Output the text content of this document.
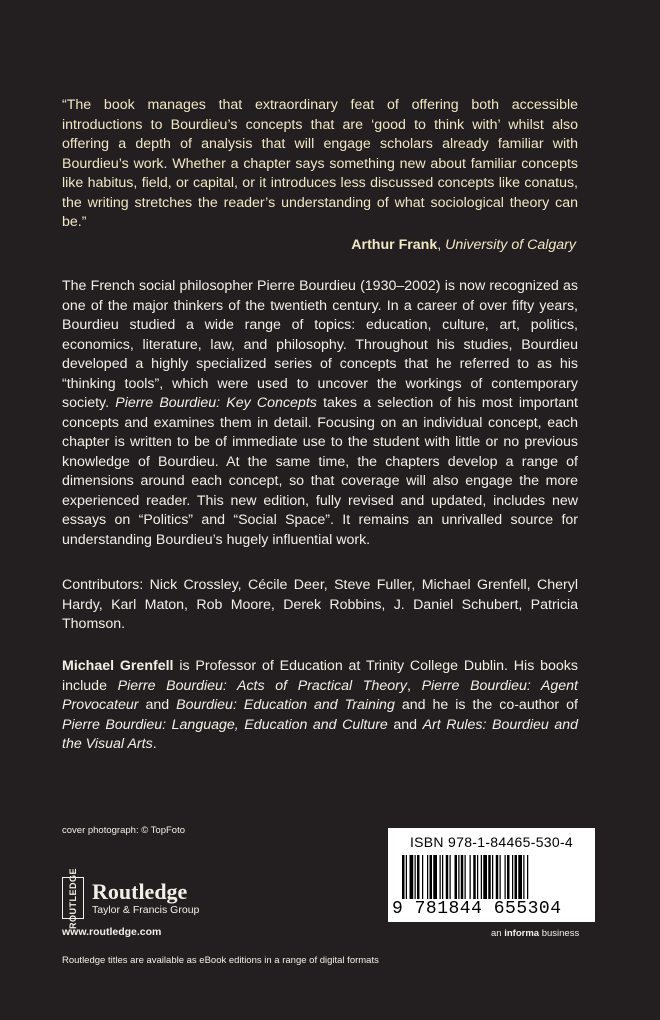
“The book manages that extraordinary feat of offering both accessible introductions to Bourdieu’s concepts that are ‘good to think with’ whilst also offering a depth of analysis that will engage scholars already familiar with Bourdieu’s work. Whether a chapter says something new about familiar concepts like habitus, field, or capital, or it introduces less discussed concepts like conatus, the writing stretches the reader’s understanding of what sociological theory can be.”
Arthur Frank, University of Calgary
The French social philosopher Pierre Bourdieu (1930–2002) is now recognized as one of the major thinkers of the twentieth century. In a career of over fifty years, Bourdieu studied a wide range of topics: education, culture, art, politics, economics, literature, law, and philosophy. Throughout his studies, Bourdieu developed a highly specialized series of concepts that he referred to as his “thinking tools”, which were used to uncover the workings of contemporary society. Pierre Bourdieu: Key Concepts takes a selection of his most important concepts and examines them in detail. Focusing on an individual concept, each chapter is written to be of immediate use to the student with little or no previous knowledge of Bourdieu. At the same time, the chapters develop a range of dimensions around each concept, so that coverage will also engage the more experienced reader. This new edition, fully revised and updated, includes new essays on “Politics” and “Social Space”. It remains an unrivalled source for understanding Bourdieu’s hugely influential work.
Contributors: Nick Crossley, Cécile Deer, Steve Fuller, Michael Grenfell, Cheryl Hardy, Karl Maton, Rob Moore, Derek Robbins, J. Daniel Schubert, Patricia Thomson.
Michael Grenfell is Professor of Education at Trinity College Dublin. His books include Pierre Bourdieu: Acts of Practical Theory, Pierre Bourdieu: Agent Provocateur and Bourdieu: Education and Training and he is the co-author of Pierre Bourdieu: Language, Education and Culture and Art Rules: Bourdieu and the Visual Arts.
cover photograph: © TopFoto
ROUTLEDGE Routledge
Taylor & Francis Group
www.routledge.com
Routledge titles are available as eBook editions in a range of digital formats
ISBN 978-1-84465-530-4
9 781844 655304
an informa business
